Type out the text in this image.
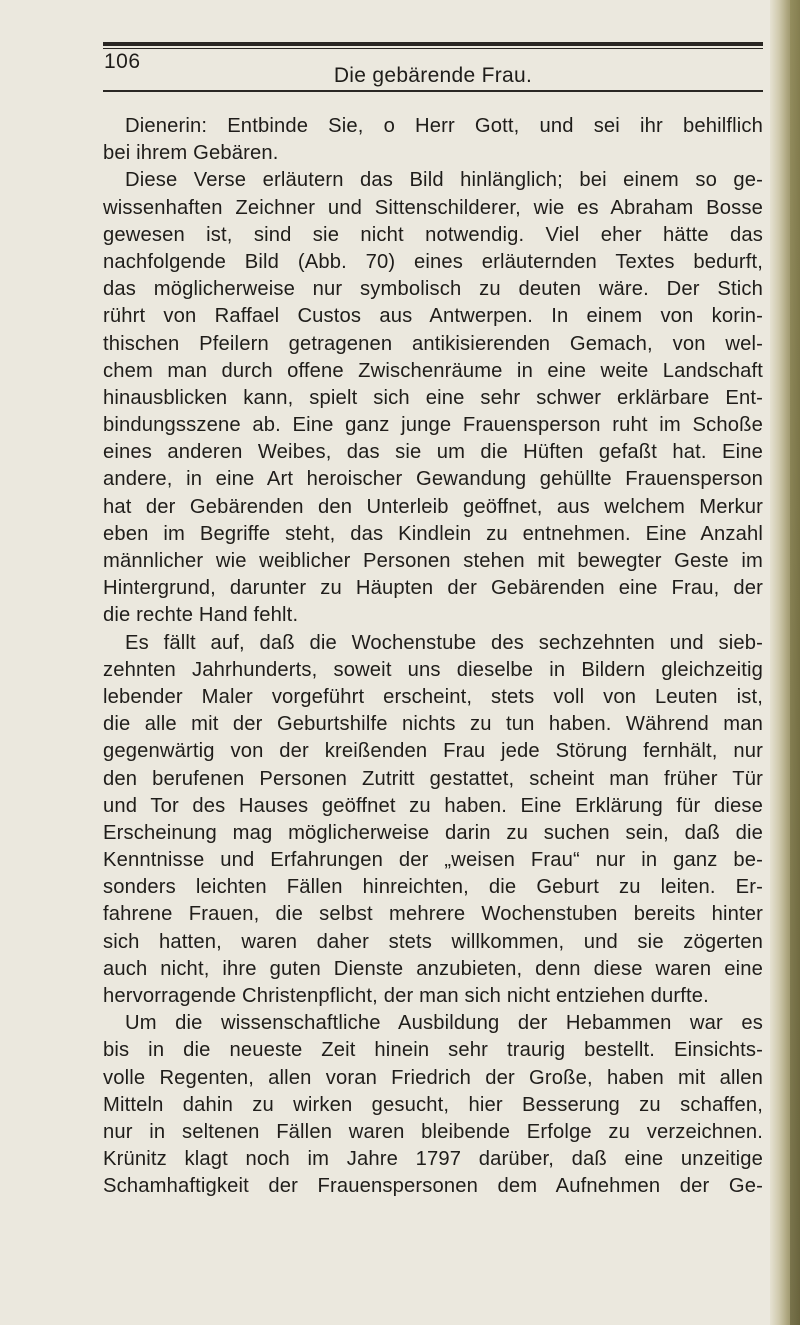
106
Die gebärende Frau.
Dienerin: Entbinde Sie, o Herr Gott, und sei ihr behilflich
bei ihrem Gebären.
Diese Verse erläutern das Bild hinlänglich; bei einem so ge-
wissenhaften Zeichner und Sittenschilderer, wie es Abraham Bosse
gewesen ist, sind sie nicht notwendig. Viel eher hätte das
nachfolgende Bild (Abb. 70) eines erläuternden Textes bedurft,
das möglicherweise nur symbolisch zu deuten wäre. Der Stich
rührt von Raffael Custos aus Antwerpen. In einem von korin-
thischen Pfeilern getragenen antikisierenden Gemach, von wel-
chem man durch offene Zwischenräume in eine weite Landschaft
hinausblicken kann, spielt sich eine sehr schwer erklärbare Ent-
bindungsszene ab. Eine ganz junge Frauensperson ruht im Schoße
eines anderen Weibes, das sie um die Hüften gefaßt hat. Eine
andere, in eine Art heroischer Gewandung gehüllte Frauensperson
hat der Gebärenden den Unterleib geöffnet, aus welchem Merkur
eben im Begriffe steht, das Kindlein zu entnehmen. Eine Anzahl
männlicher wie weiblicher Personen stehen mit bewegter Geste im
Hintergrund, darunter zu Häupten der Gebärenden eine Frau, der
die rechte Hand fehlt.
Es fällt auf, daß die Wochenstube des sechzehnten und sieb-
zehnten Jahrhunderts, soweit uns dieselbe in Bildern gleichzeitig
lebender Maler vorgeführt erscheint, stets voll von Leuten ist,
die alle mit der Geburtshilfe nichts zu tun haben. Während man
gegenwärtig von der kreißenden Frau jede Störung fernhält, nur
den berufenen Personen Zutritt gestattet, scheint man früher Tür
und Tor des Hauses geöffnet zu haben. Eine Erklärung für diese
Erscheinung mag möglicherweise darin zu suchen sein, daß die
Kenntnisse und Erfahrungen der „weisen Frau“ nur in ganz be-
sonders leichten Fällen hinreichten, die Geburt zu leiten. Er-
fahrene Frauen, die selbst mehrere Wochenstuben bereits hinter
sich hatten, waren daher stets willkommen, und sie zögerten
auch nicht, ihre guten Dienste anzubieten, denn diese waren eine
hervorragende Christenpflicht, der man sich nicht entziehen durfte.
Um die wissenschaftliche Ausbildung der Hebammen war es
bis in die neueste Zeit hinein sehr traurig bestellt. Einsichts-
volle Regenten, allen voran Friedrich der Große, haben mit allen
Mitteln dahin zu wirken gesucht, hier Besserung zu schaffen,
nur in seltenen Fällen waren bleibende Erfolge zu verzeichnen.
Krünitz klagt noch im Jahre 1797 darüber, daß eine unzeitige
Schamhaftigkeit der Frauenspersonen dem Aufnehmen der Ge-
